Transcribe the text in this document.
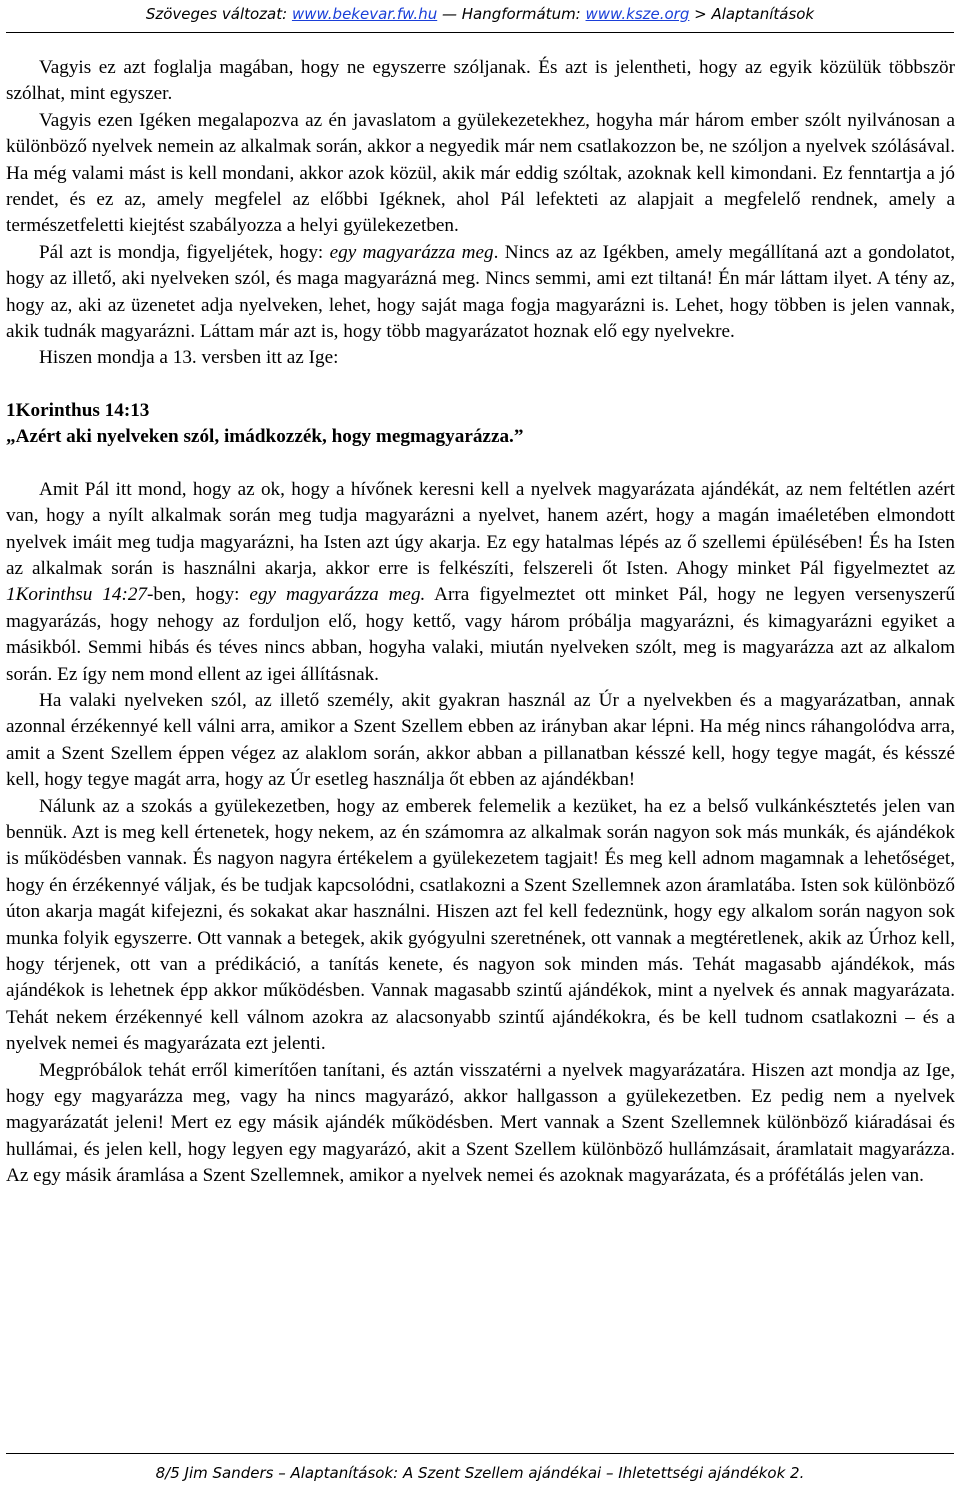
Szöveges változat: www.bekevar.fw.hu — Hangformátum: www.ksze.org > Alaptanítások

Vagyis ez azt foglalja magában, hogy ne egyszerre szóljanak. És azt is jelentheti, hogy az egyik közülük többször szólhat, mint egyszer.

Vagyis ezen Igéken megalapozva az én javaslatom a gyülekezetekhez, hogyha már három ember szólt nyilvánosan a különböző nyelvek nemein az alkalmak során, akkor a negyedik már nem csatlakozzon be, ne szóljon a nyelvek szólásával. Ha még valami mást is kell mondani, akkor azok közül, akik már eddig szóltak, azoknak kell kimondani. Ez fenntartja a jó rendet, és ez az, amely megfelel az előbbi Igéknek, ahol Pál lefekteti az alapjait a megfelelő rendnek, amely a természetfeletti kiejtést szabályozza a helyi gyülekezetben.

Pál azt is mondja, figyeljétek, hogy: egy magyarázza meg. Nincs az az Igékben, amely megállítaná azt a gondolatot, hogy az illető, aki nyelveken szól, és maga magyarázná meg. Nincs semmi, ami ezt tiltaná! Én már láttam ilyet. A tény az, hogy az, aki az üzenetet adja nyelveken, lehet, hogy saját maga fogja magyarázni is. Lehet, hogy többen is jelen vannak, akik tudnák magyarázni. Láttam már azt is, hogy több magyarázatot hoznak elő egy nyelvekre.

Hiszen mondja a 13. versben itt az Ige:

1Korinthus 14:13

„Azért aki nyelveken szól, imádkozzék, hogy megmagyarázza.”

Amit Pál itt mond, hogy az ok, hogy a hívőnek keresni kell a nyelvek magyarázata ajándékát, az nem feltétlen azért van, hogy a nyílt alkalmak során meg tudja magyarázni a nyelvet, hanem azért, hogy a magán imaéletében elmondott nyelvek imáit meg tudja magyarázni, ha Isten azt úgy akarja. Ez egy hatalmas lépés az ő szellemi épülésében! És ha Isten az alkalmak során is használni akarja, akkor erre is felkészíti, felszereli őt Isten. Ahogy minket Pál figyelmeztet az 1Korinthsu 14:27-ben, hogy: egy magyarázza meg. Arra figyelmeztet ott minket Pál, hogy ne legyen versenyszerű magyarázás, hogy nehogy az forduljon elő, hogy kettő, vagy három próbálja magyarázni, és kimagyarázni egyiket a másikból. Semmi hibás és téves nincs abban, hogyha valaki, miután nyelveken szólt, meg is magyarázza azt az alkalom során. Ez így nem mond ellent az igei állításnak.

Ha valaki nyelveken szól, az illető személy, akit gyakran használ az Úr a nyelvekben és a magyarázatban, annak azonnal érzékennyé kell válni arra, amikor a Szent Szellem ebben az irányban akar lépni. Ha még nincs ráhangolódva arra, amit a Szent Szellem éppen végez az alaklom során, akkor abban a pillanatban késszé kell, hogy tegye magát, és késszé kell, hogy tegye magát arra, hogy az Úr esetleg használja őt ebben az ajándékban!

Nálunk az a szokás a gyülekezetben, hogy az emberek felemelik a kezüket, ha ez a belső vulkánkésztetés jelen van bennük. Azt is meg kell értenetek, hogy nekem, az én számomra az alkalmak során nagyon sok más munkák, és ajándékok is működésben vannak. És nagyon nagyra értékelem a gyülekezetem tagjait! És meg kell adnom magamnak a lehetőséget, hogy én érzékennyé váljak, és be tudjak kapcsolódni, csatlakozni a Szent Szellemnek azon áramlatába. Isten sok különböző úton akarja magát kifejezni, és sokakat akar használni. Hiszen azt fel kell fedeznünk, hogy egy alkalom során nagyon sok munka folyik egyszerre. Ott vannak a betegek, akik gyógyulni szeretnének, ott vannak a megtéretlenek, akik az Úrhoz kell, hogy térjenek, ott van a prédikáció, a tanítás kenete, és nagyon sok minden más. Tehát magasabb ajándékok, más ajándékok is lehetnek épp akkor működésben. Vannak magasabb szintű ajándékok, mint a nyelvek és annak magyarázata. Tehát nekem érzékennyé kell válnom azokra az alacsonyabb szintű ajándékokra, és be kell tudnom csatlakozni – és a nyelvek nemei és magyarázata ezt jelenti.

Megpróbálok tehát erről kimerítően tanítani, és aztán visszatérni a nyelvek magyarázatára. Hiszen azt mondja az Ige, hogy egy magyarázza meg, vagy ha nincs magyarázó, akkor hallgasson a gyülekezetben. Ez pedig nem a nyelvek magyarázatát jeleni! Mert ez egy másik ajándék működésben. Mert vannak a Szent Szellemnek különböző kiáradásai és hullámai, és jelen kell, hogy legyen egy magyarázó, akit a Szent Szellem különböző hullámzásait, áramlatait magyarázza. Az egy másik áramlása a Szent Szellemnek, amikor a nyelvek nemei és azoknak magyarázata, és a prófétálás jelen van.

8/5 Jim Sanders – Alaptanítások: A Szent Szellem ajándékai – Ihletettségi ajándékok 2.
